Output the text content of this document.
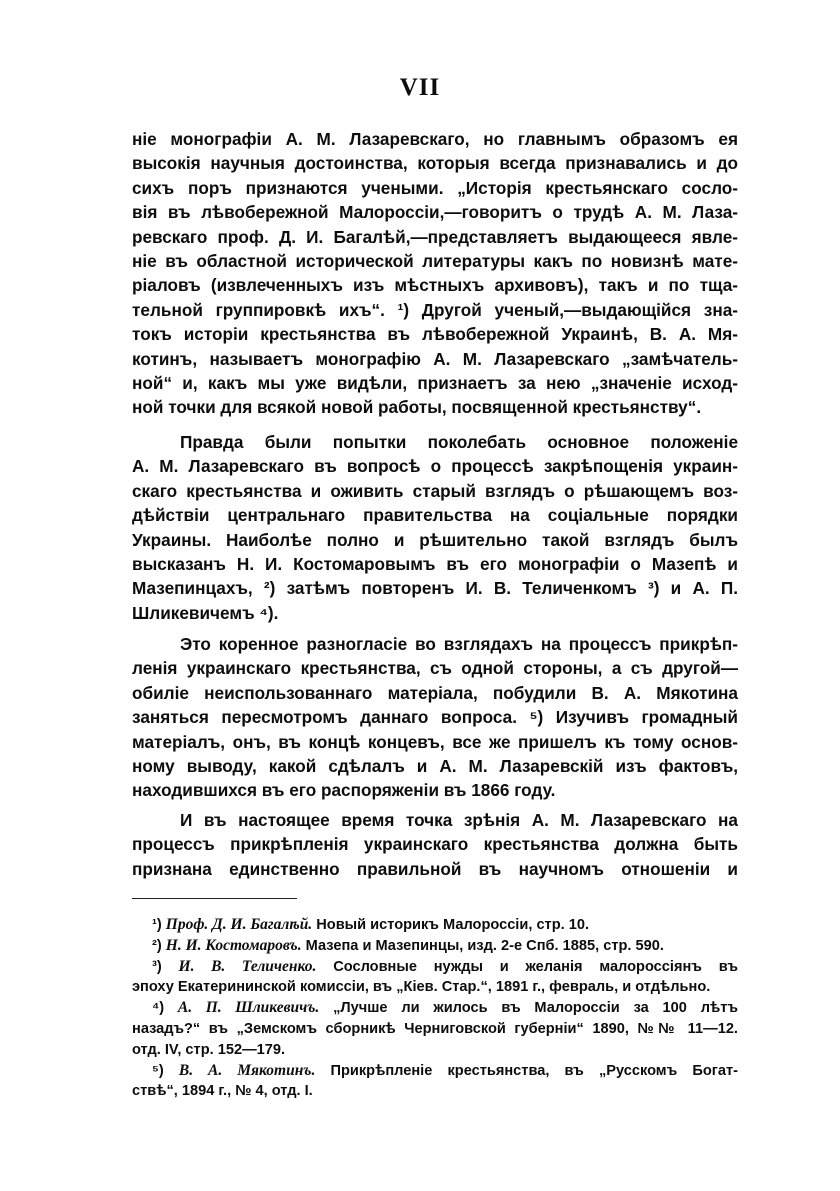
VII
ніе монографіи А. М. Лазаревскаго, но главнымъ образомъ ея
высокія научныя достоинства, которыя всегда признавались и до
сихъ поръ признаются учеными. „Исторія крестьянскаго сосло-
вія въ лѣвобережной Малороссіи,—говоритъ о трудѣ А. М. Лаза-
ревскаго проф. Д. И. Багалѣй,—представляетъ выдающееся явле-
ніе въ областной исторической литературы какъ по новизнѣ мате-
ріаловъ (извлеченныхъ изъ мѣстныхъ архивовъ), такъ и по тща-
тельной группировкѣ ихъ“. ¹) Другой ученый,—выдающійся зна-
токъ исторіи крестьянства въ лѣвобережной Украинѣ, В. А. Мя-
котинъ, называетъ монографію А. М. Лазаревскаго „замѣчатель-
ной“ и, какъ мы уже видѣли, признаетъ за нею „значеніе исход-
ной точки для всякой новой работы, посвященной крестьянству“.
Правда были попытки поколебать основное положеніе
А. М. Лазаревскаго въ вопросѣ о процессѣ закрѣпощенія украин-
скаго крестьянства и оживить старый взглядъ о рѣшающемъ воз-
дѣйствіи центральнаго правительства на соціальные порядки
Украины. Наиболѣе полно и рѣшительно такой взглядъ былъ
высказанъ Н. И. Костомаровымъ въ его монографіи о Мазепѣ и
Мазепинцахъ, ²) затѣмъ повторенъ И. В. Теличенкомъ ³) и А. П.
Шликевичемъ ⁴).
Это коренное разногласіе во взглядахъ на процессъ прикрѣп-
ленія украинскаго крестьянства, съ одной стороны, а съ другой—
обиліе неиспользованнаго матеріала, побудили В. А. Мякотина
заняться пересмотромъ даннаго вопроса. ⁵) Изучивъ громадный
матеріалъ, онъ, въ концѣ концевъ, все же пришелъ къ тому основ-
ному выводу, какой сдѣлалъ и А. М. Лазаревскій изъ фактовъ,
находившихся въ его распоряженіи въ 1866 году.
И въ настоящее время точка зрѣнія А. М. Лазаревскаго на
процессъ прикрѣпленія украинскаго крестьянства должна быть
признана единственно правильной въ научномъ отношеніи и
¹) Проф. Д. И. Багалѣй. Новый историкъ Малороссіи, стр. 10.
²) Н. И. Костомаровъ. Мазепа и Мазепинцы, изд. 2-е Спб. 1885, стр. 590.
³) И. В. Теличенко. Сословные нужды и желанія малороссіянъ въ
эпоху Екатерининской комиссіи, въ „Кіев. Стар.“, 1891 г., февраль, и отдѣльно.
⁴) А. П. Шликевичъ. „Лучше ли жилось въ Малороссіи за 100 лѣтъ
назадъ?“ въ „Земскомъ сборникѣ Черниговской губерніи“ 1890, №№ 11—12.
отд. IV, стр. 152—179.
⁵) В. А. Мякотинъ. Прикрѣпленіе крестьянства, въ „Русскомъ Богат-
ствѣ“, 1894 г., № 4, отд. I.
